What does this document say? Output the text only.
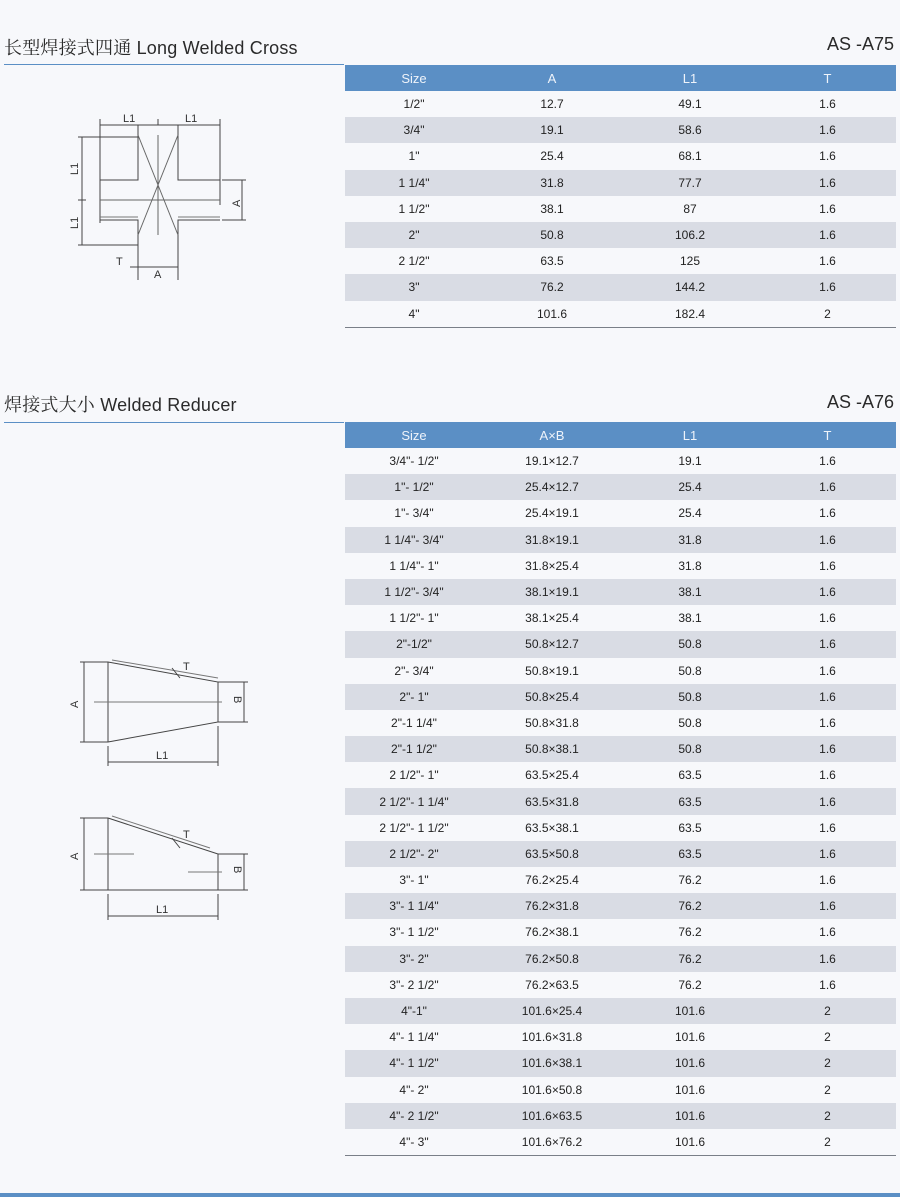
长型焊接式四通 Long Welded Cross	AS -A75
L1	L1
L1
L1
A
A
T
Size	A	L1	T
1/2"	12.7	49.1	1.6
3/4"	19.1	58.6	1.6
1"	25.4	68.1	1.6
1 1/4"	31.8	77.7	1.6
1 1/2"	38.1	87	1.6
2"	50.8	106.2	1.6
2 1/2"	63.5	125	1.6
3"	76.2	144.2	1.6
4"	101.6	182.4	2
焊接式大小 Welded Reducer	AS -A76
T
A
B
L1
T
A
B
L1
Size	A×B	L1	T
3/4"- 1/2"	19.1×12.7	19.1	1.6
1"- 1/2"	25.4×12.7	25.4	1.6
1"- 3/4"	25.4×19.1	25.4	1.6
1 1/4"- 3/4"	31.8×19.1	31.8	1.6
1 1/4"- 1"	31.8×25.4	31.8	1.6
1 1/2"- 3/4"	38.1×19.1	38.1	1.6
1 1/2"- 1"	38.1×25.4	38.1	1.6
2"-1/2"	50.8×12.7	50.8	1.6
2"- 3/4"	50.8×19.1	50.8	1.6
2"- 1"	50.8×25.4	50.8	1.6
2"-1 1/4"	50.8×31.8	50.8	1.6
2"-1 1/2"	50.8×38.1	50.8	1.6
2 1/2"- 1"	63.5×25.4	63.5	1.6
2 1/2"- 1 1/4"	63.5×31.8	63.5	1.6
2 1/2"- 1 1/2"	63.5×38.1	63.5	1.6
2 1/2"- 2"	63.5×50.8	63.5	1.6
3"- 1"	76.2×25.4	76.2	1.6
3"- 1 1/4"	76.2×31.8	76.2	1.6
3"- 1 1/2"	76.2×38.1	76.2	1.6
3"- 2"	76.2×50.8	76.2	1.6
3"- 2 1/2"	76.2×63.5	76.2	1.6
4"-1"	101.6×25.4	101.6	2
4"- 1 1/4"	101.6×31.8	101.6	2
4"- 1 1/2"	101.6×38.1	101.6	2
4"- 2"	101.6×50.8	101.6	2
4"- 2 1/2"	101.6×63.5	101.6	2
4"- 3"	101.6×76.2	101.6	2
